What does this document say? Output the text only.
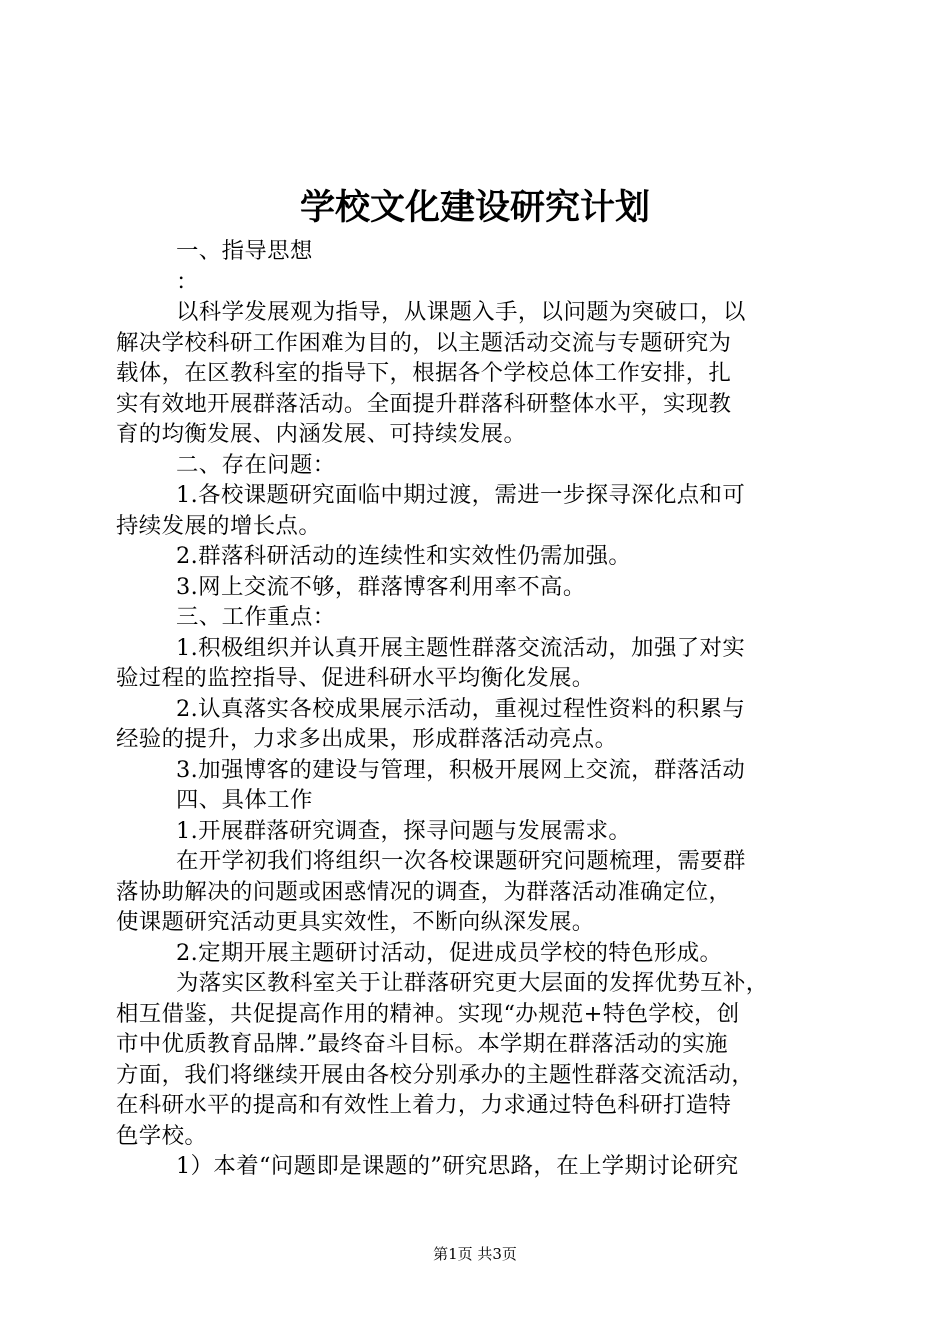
学校文化建设研究计划
一、指导思想
：
以科学发展观为指导，从课题入手，以问题为突破口，以
解决学校科研工作困难为目的，以主题活动交流与专题研究为
载体，在区教科室的指导下，根据各个学校总体工作安排，扎
实有效地开展群落活动。全面提升群落科研整体水平，实现教
育的均衡发展、内涵发展、可持续发展。
二、存在问题：
1.各校课题研究面临中期过渡，需进一步探寻深化点和可
持续发展的增长点。
2.群落科研活动的连续性和实效性仍需加强。
3.网上交流不够，群落博客利用率不高。
三、工作重点：
1.积极组织并认真开展主题性群落交流活动，加强了对实
验过程的监控指导、促进科研水平均衡化发展。
2.认真落实各校成果展示活动，重视过程性资料的积累与
经验的提升，力求多出成果，形成群落活动亮点。
3.加强博客的建设与管理，积极开展网上交流，群落活动
四、具体工作
1.开展群落研究调查，探寻问题与发展需求。
在开学初我们将组织一次各校课题研究问题梳理，需要群
落协助解决的问题或困惑情况的调查，为群落活动准确定位，
使课题研究活动更具实效性，不断向纵深发展。
2.定期开展主题研讨活动，促进成员学校的特色形成。
为落实区教科室关于让群落研究更大层面的发挥优势互补，
相互借鉴，共促提高作用的精神。实现“办规范+特色学校，创
市中优质教育品牌.”最终奋斗目标。本学期在群落活动的实施
方面，我们将继续开展由各校分别承办的主题性群落交流活动，
在科研水平的提高和有效性上着力，力求通过特色科研打造特
色学校。
1）本着“问题即是课题的”研究思路，在上学期讨论研究
第1页 共3页
